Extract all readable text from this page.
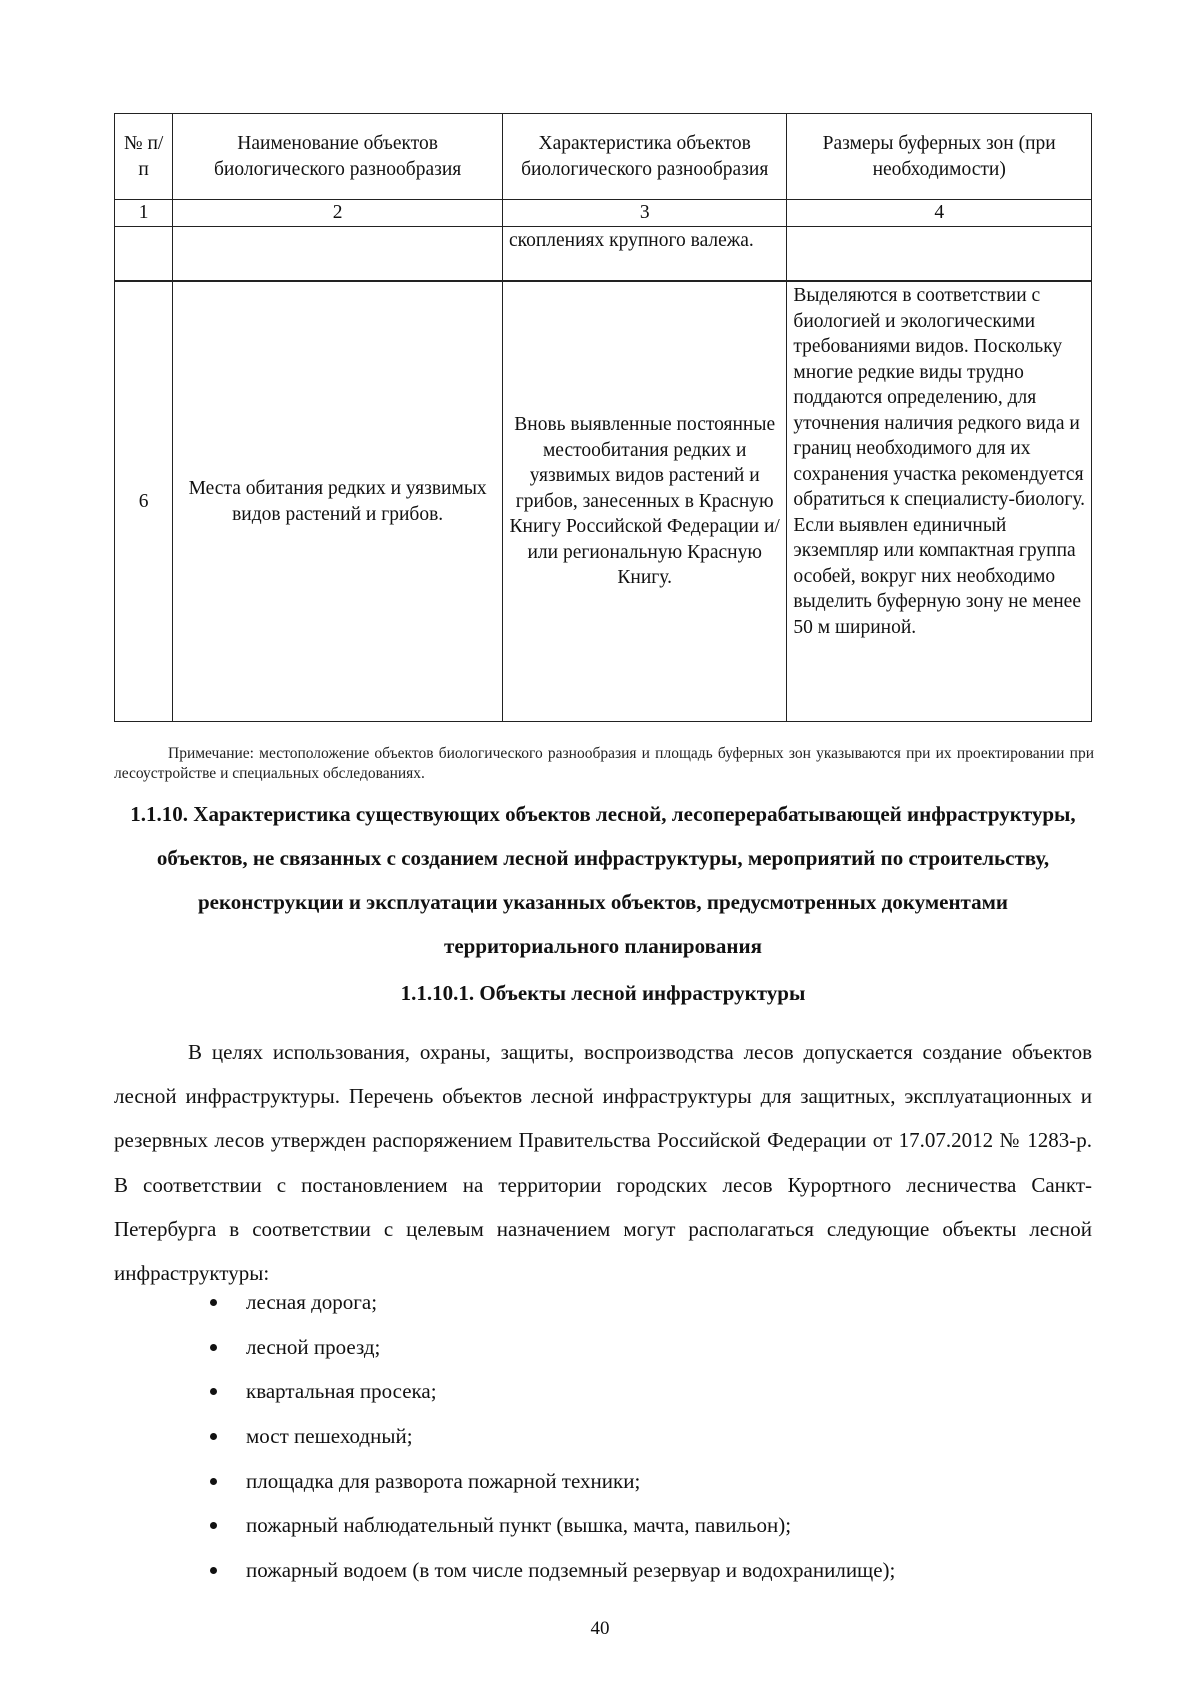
№ п/п	Наименование объектов биологического разнообразия	Характеристика объектов биологического разнообразия	Размеры буферных зон (при необходимости)
1	2	3	4
		скоплениях крупного валежа.	
6	Места обитания редких и уязвимых видов растений и грибов.	Вновь выявленные постоянные местообитания редких и уязвимых видов растений и грибов, занесенных в Красную Книгу Российской Федерации и/или региональную Красную Книгу.	Выделяются в соответствии с биологией и экологическими требованиями видов. Поскольку многие редкие виды трудно поддаются определению, для уточнения наличия редкого вида и границ необходимого для их сохранения участка рекомендуется обратиться к специалисту-биологу. Если выявлен единичный экземпляр или компактная группа особей, вокруг них необходимо выделить буферную зону не менее 50 м шириной.
Примечание: местоположение объектов биологического разнообразия и площадь буферных зон указываются при их проектировании при лесоустройстве и специальных обследованиях.
1.1.10. Характеристика существующих объектов лесной, лесоперерабатывающей инфраструктуры, объектов, не связанных с созданием лесной инфраструктуры, мероприятий по строительству, реконструкции и эксплуатации указанных объектов, предусмотренных документами территориального планирования
1.1.10.1. Объекты лесной инфраструктуры

В целях использования, охраны, защиты, воспроизводства лесов допускается создание объектов лесной инфраструктуры. Перечень объектов лесной инфраструктуры для защитных, эксплуатационных и резервных лесов утвержден распоряжением Правительства Российской Федерации от 17.07.2012 № 1283-р. В соответствии с постановлением на территории городских лесов Курортного лесничества Санкт-Петербурга в соответствии с целевым назначением могут располагаться следующие объекты лесной инфраструктуры:

лесная дорога;
лесной проезд;
квартальная просека;
мост пешеходный;
площадка для разворота пожарной техники;
пожарный наблюдательный пункт (вышка, мачта, павильон);
пожарный водоем (в том числе подземный резервуар и водохранилище);
40
